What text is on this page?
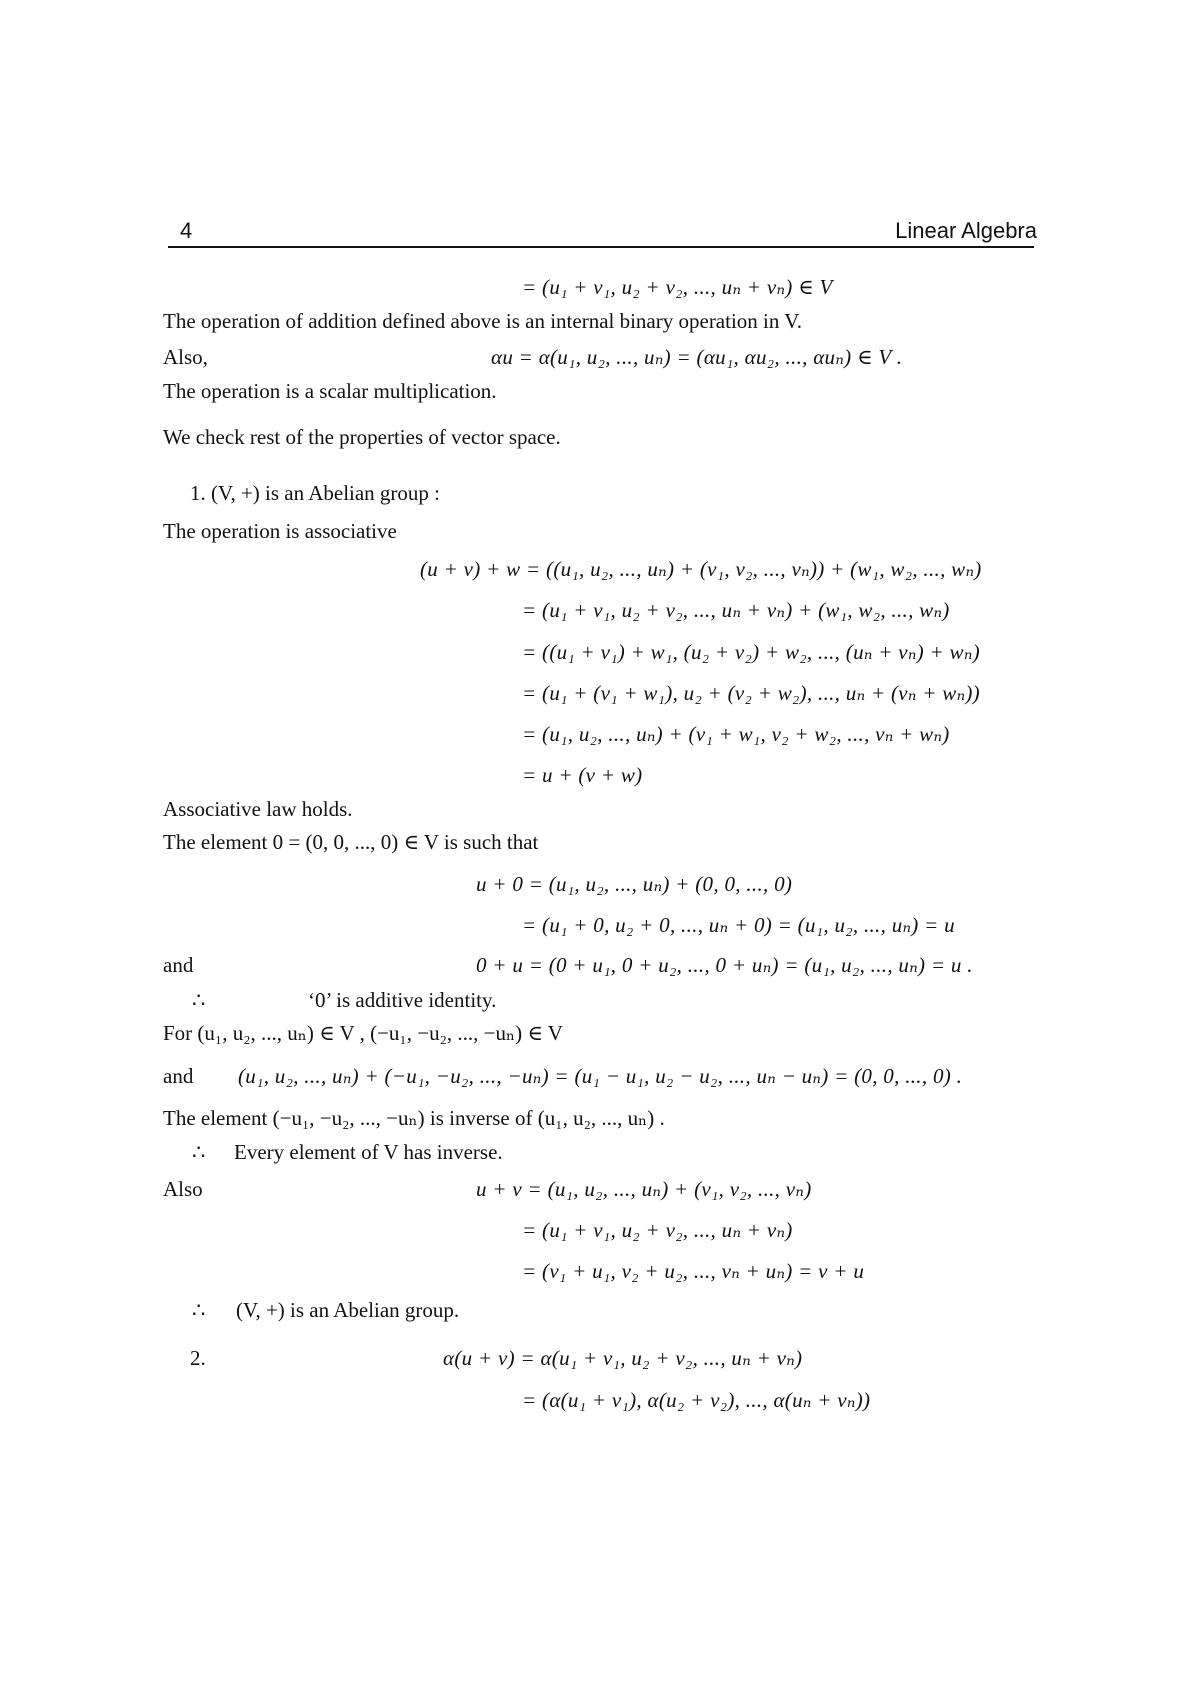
4	Linear Algebra
= (u₁ + v₁, u₂ + v₂, ..., uₙ + vₙ) ∈ V
The operation of addition defined above is an internal binary operation in V.
Also,	αu = α(u₁, u₂, ..., uₙ) = (αu₁, αu₂, ..., αuₙ) ∈ V .
The operation is a scalar multiplication.
We check rest of the properties of vector space.
1. (V, +) is an Abelian group :
The operation is associative
(u + v) + w = ((u₁, u₂, ..., uₙ) + (v₁, v₂, ..., vₙ)) + (w₁, w₂, ..., wₙ)
= (u₁ + v₁, u₂ + v₂, ..., uₙ + vₙ) + (w₁, w₂, ..., wₙ)
= ((u₁ + v₁) + w₁, (u₂ + v₂) + w₂, ..., (uₙ + vₙ) + wₙ)
= (u₁ + (v₁ + w₁), u₂ + (v₂ + w₂), ..., uₙ + (vₙ + wₙ))
= (u₁, u₂, ..., uₙ) + (v₁ + w₁, v₂ + w₂, ..., vₙ + wₙ)
= u + (v + w)
Associative law holds.
The element 0 = (0, 0, ..., 0) ∈ V is such that
u + 0 = (u₁, u₂, ..., uₙ) + (0, 0, ..., 0)
= (u₁ + 0, u₂ + 0, ..., uₙ + 0) = (u₁, u₂, ..., uₙ) = u
and	0 + u = (0 + u₁, 0 + u₂, ..., 0 + uₙ) = (u₁, u₂, ..., uₙ) = u .
∴	‘0’ is additive identity.
For (u₁, u₂, ..., uₙ) ∈ V , (−u₁, −u₂, ..., −uₙ) ∈ V
and (u₁, u₂, ..., uₙ) + (−u₁, −u₂, ..., −uₙ) = (u₁ − u₁, u₂ − u₂, ..., uₙ − uₙ) = (0, 0, ..., 0) .
The element (−u₁, −u₂, ..., −uₙ) is inverse of (u₁, u₂, ..., uₙ) .
∴ Every element of V has inverse.
Also	u + v = (u₁, u₂, ..., uₙ) + (v₁, v₂, ..., vₙ)
= (u₁ + v₁, u₂ + v₂, ..., uₙ + vₙ)
= (v₁ + u₁, v₂ + u₂, ..., vₙ + uₙ) = v + u
∴ (V, +) is an Abelian group.
2.	α(u + v) = α(u₁ + v₁, u₂ + v₂, ..., uₙ + vₙ)
= (α(u₁ + v₁), α(u₂ + v₂), ..., α(uₙ + vₙ))
